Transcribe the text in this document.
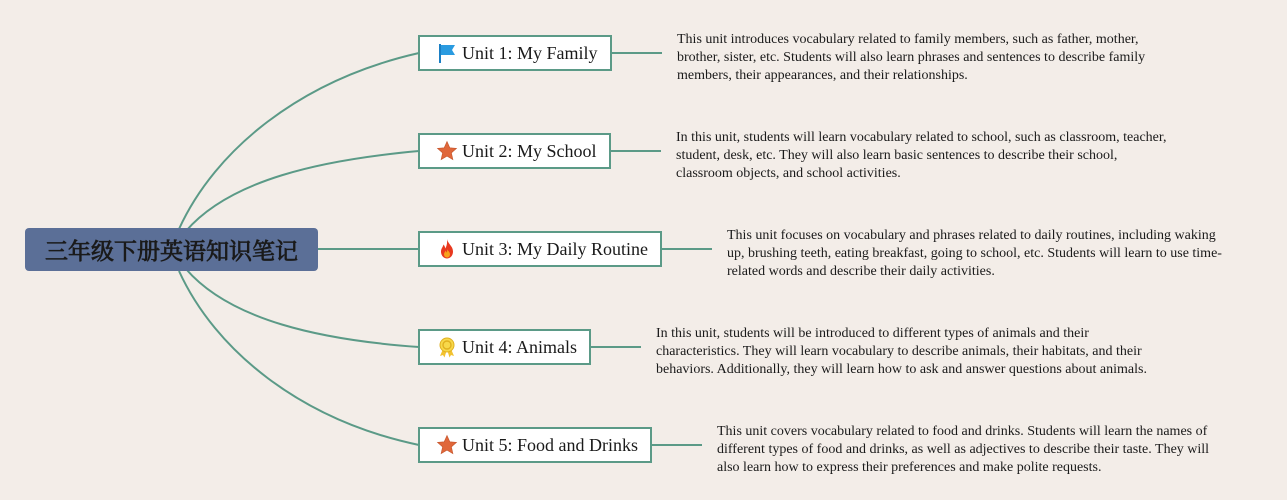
三年级下册英语知识笔记
Unit 1: My Family
This unit introduces vocabulary related to family members, such as father, mother, brother, sister, etc. Students will also learn phrases and sentences to describe family members, their appearances, and their relationships.
Unit 2: My School
In this unit, students will learn vocabulary related to school, such as classroom, teacher, student, desk, etc. They will also learn basic sentences to describe their school, classroom objects, and school activities.
Unit 3: My Daily Routine
This unit focuses on vocabulary and phrases related to daily routines, including waking up, brushing teeth, eating breakfast, going to school, etc. Students will learn to use time-related words and describe their daily activities.
Unit 4: Animals
In this unit, students will be introduced to different types of animals and their characteristics. They will learn vocabulary to describe animals, their habitats, and their behaviors. Additionally, they will learn how to ask and answer questions about animals.
Unit 5: Food and Drinks
This unit covers vocabulary related to food and drinks. Students will learn the names of different types of food and drinks, as well as adjectives to describe their taste. They will also learn how to express their preferences and make polite requests.
